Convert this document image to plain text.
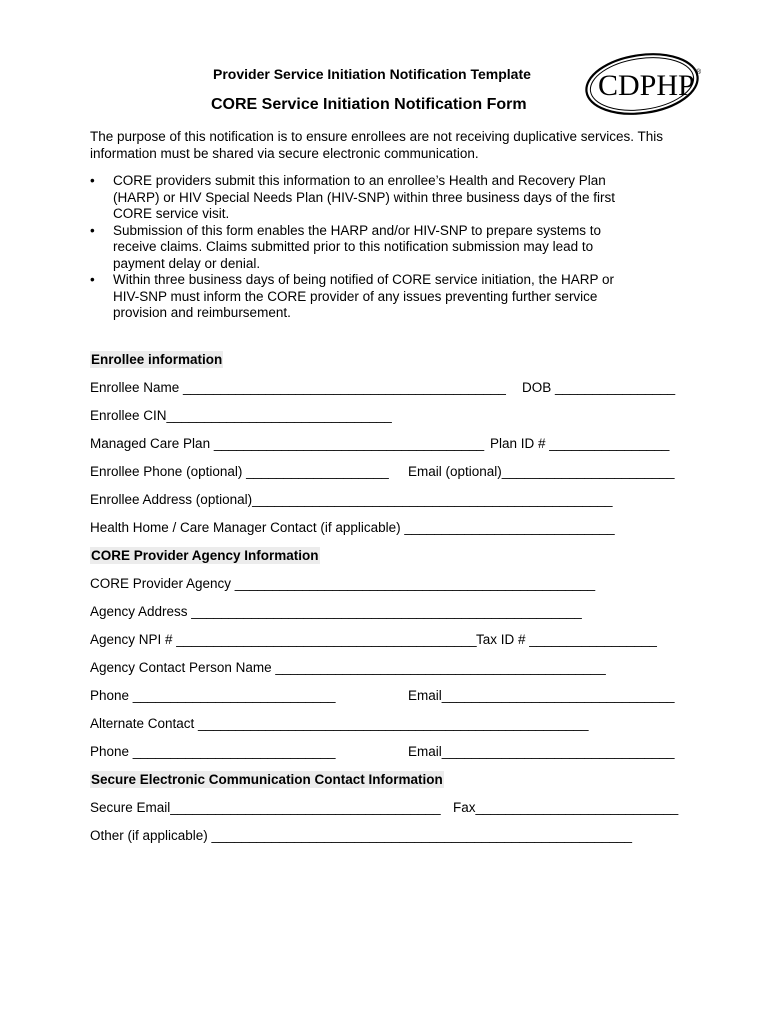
Provider Service Initiation Notification Template
CORE Service Initiation Notification Form
CDPHP ®
The purpose of this notification is to ensure enrollees are not receiving duplicative services. This information must be shared via secure electronic communication.
• CORE providers submit this information to an enrollee’s Health and Recovery Plan
(HARP) or HIV Special Needs Plan (HIV-SNP) within three business days of the first
CORE service visit.
• Submission of this form enables the HARP and/or HIV-SNP to prepare systems to
receive claims. Claims submitted prior to this notification submission may lead to
payment delay or denial.
• Within three business days of being notified of CORE service initiation, the HARP or
HIV-SNP must inform the CORE provider of any issues preventing further service
provision and reimbursement.
Enrollee information
Enrollee Name ___________________________________________ DOB ________________
Enrollee CIN______________________________
Managed Care Plan ____________________________________ Plan ID # ________________
Enrollee Phone (optional) ___________________ Email (optional)_______________________
Enrollee Address (optional)________________________________________________
Health Home / Care Manager Contact (if applicable) ____________________________
CORE Provider Agency Information
CORE Provider Agency ________________________________________________
Agency Address ____________________________________________________
Agency NPI # ________________________________________ Tax ID # _________________
Agency Contact Person Name ____________________________________________
Phone ___________________________	Email_______________________________
Alternate Contact ____________________________________________________
Phone ___________________________	Email_______________________________
Secure Electronic Communication Contact Information
Secure Email____________________________________ Fax___________________________
Other (if applicable) ________________________________________________________
